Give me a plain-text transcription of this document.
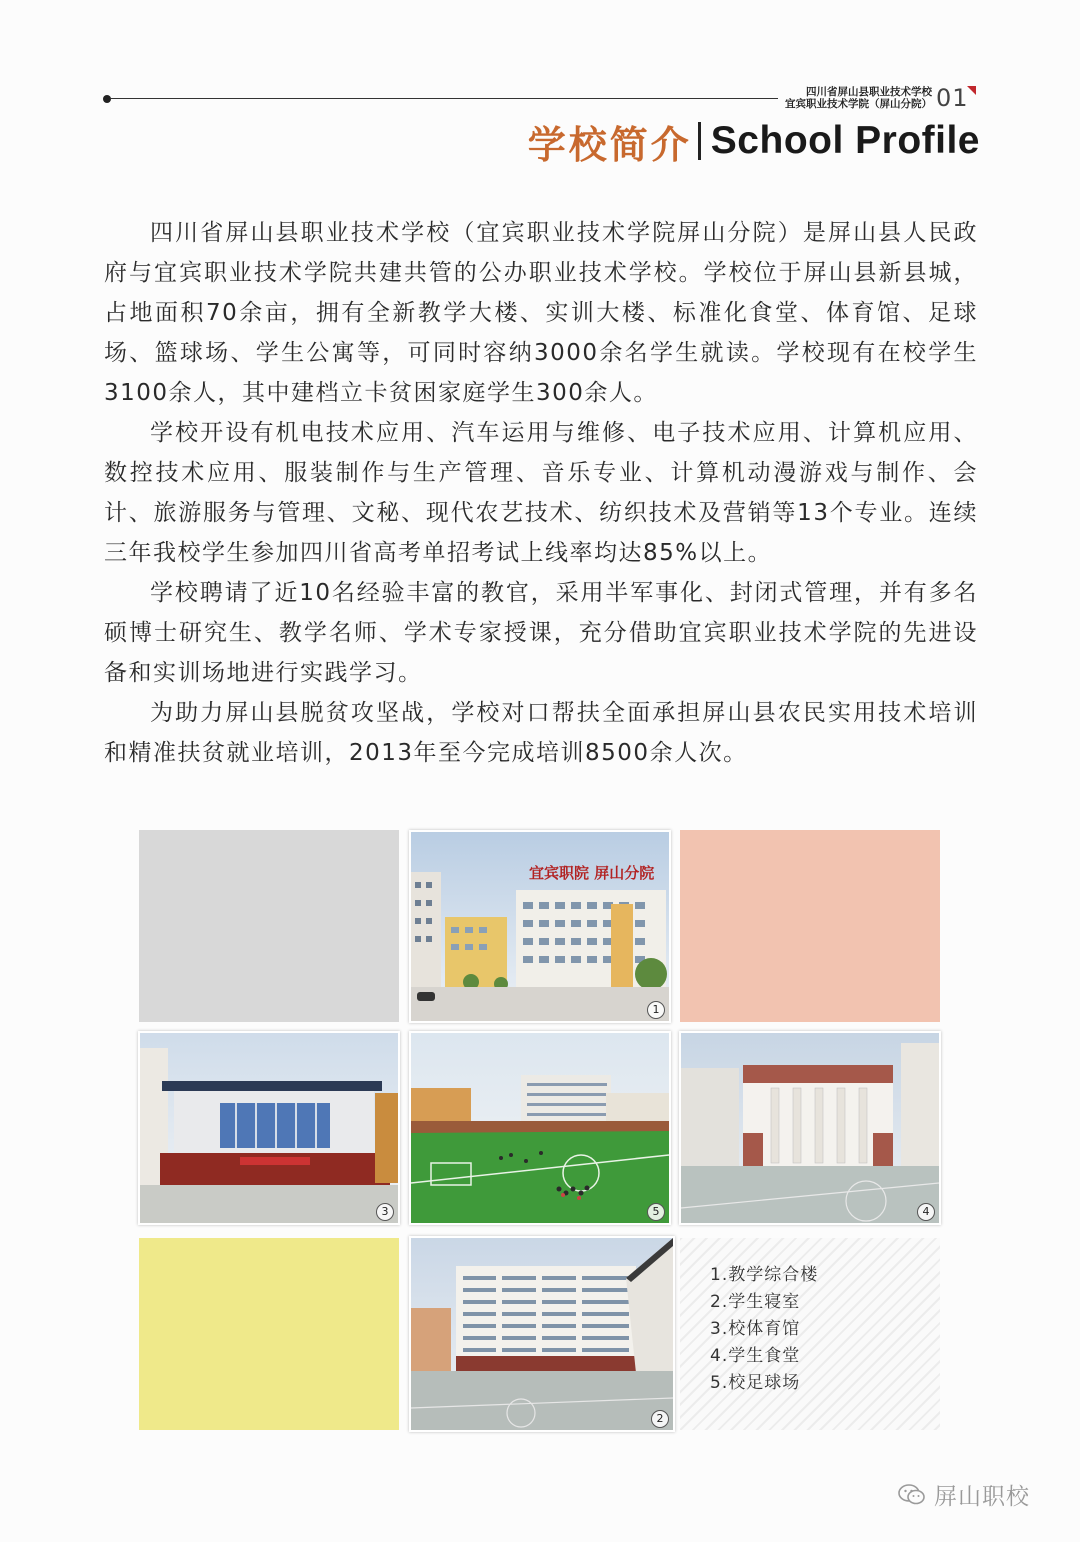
四川省屏山县职业技术学校
宜宾职业技术学院（屏山分院） 01
学校简介 School Profile

四川省屏山县职业技术学校（宜宾职业技术学院屏山分院）是屏山县人民政府与宜宾职业技术学院共建共管的公办职业技术学校。学校位于屏山县新县城，占地面积70余亩，拥有全新教学大楼、实训大楼、标准化食堂、体育馆、足球场、篮球场、学生公寓等，可同时容纳3000余名学生就读。学校现有在校学生3100余人，其中建档立卡贫困家庭学生300余人。

学校开设有机电技术应用、汽车运用与维修、电子技术应用、计算机应用、数控技术应用、服装制作与生产管理、音乐专业、计算机动漫游戏与制作、会计、旅游服务与管理、文秘、现代农艺技术、纺织技术及营销等13个专业。连续三年我校学生参加四川省高考单招考试上线率均达85%以上。

学校聘请了近10名经验丰富的教官，采用半军事化、封闭式管理，并有多名硕博士研究生、教学名师、学术专家授课，充分借助宜宾职业技术学院的先进设备和实训场地进行实践学习。

为助力屏山县脱贫攻坚战，学校对口帮扶全面承担屏山县农民实用技术培训和精准扶贫就业培训，2013年至今完成培训8500余人次。

宜宾职院 屏山分院
1
3	5	4
2
1.教学综合楼
2.学生寝室
3.校体育馆
4.学生食堂
5.校足球场
屏山职校
